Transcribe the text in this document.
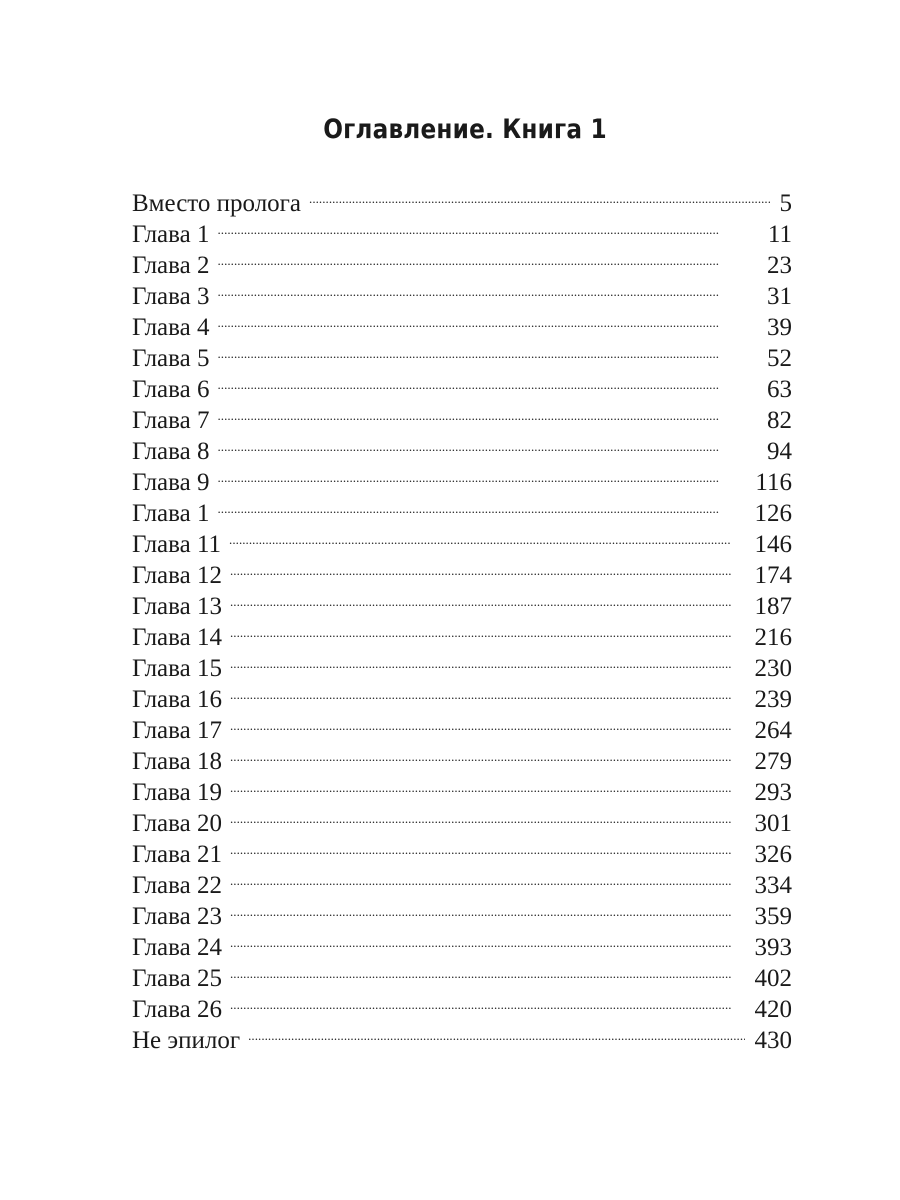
Оглавление. Книга 1
Вместо пролога . . .	5
Глава 1 . . .	11
Глава 2 . . .	23
Глава 3 . . .	31
Глава 4 . . .	39
Глава 5 . . .	52
Глава 6 . . .	63
Глава 7 . . .	82
Глава 8 . . .	94
Глава 9 . . .	116
Глава 1 . . .	126
Глава 11 . . .	146
Глава 12 . . .	174
Глава 13 . . .	187
Глава 14 . . .	216
Глава 15 . . .	230
Глава 16 . . .	239
Глава 17 . . .	264
Глава 18 . . .	279
Глава 19 . . .	293
Глава 20 . . .	301
Глава 21 . . .	326
Глава 22 . . .	334
Глава 23 . . .	359
Глава 24 . . .	393
Глава 25 . . .	402
Глава 26 . . .	420
Не эпилог . . .	430
